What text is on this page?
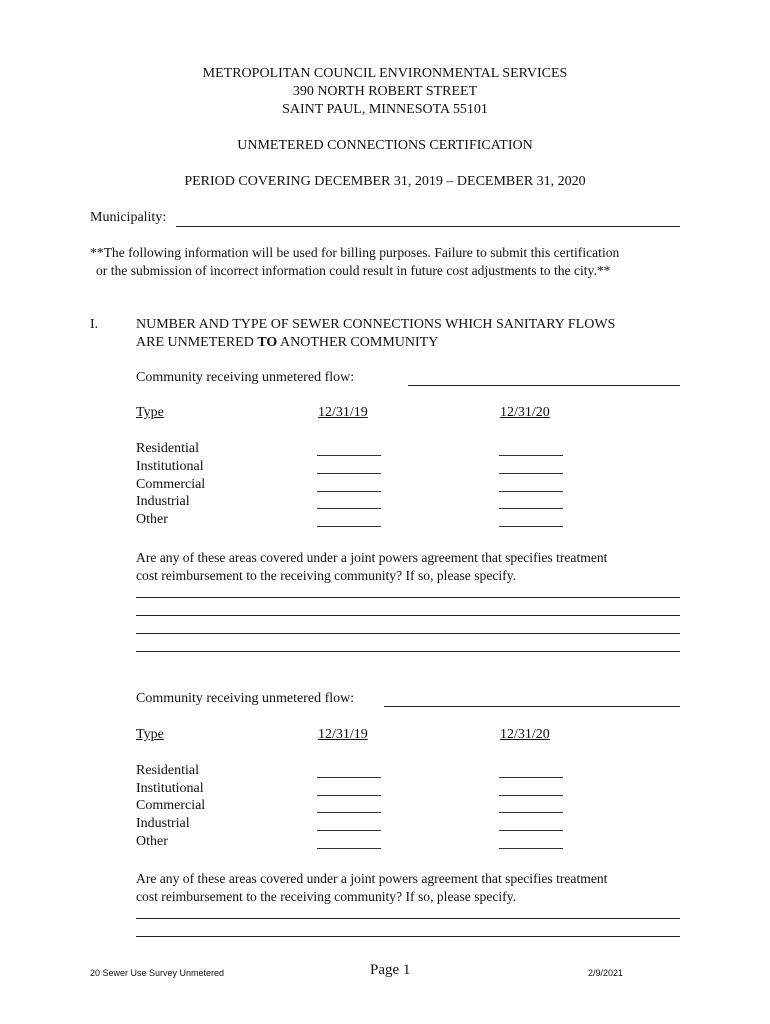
METROPOLITAN COUNCIL ENVIRONMENTAL SERVICES
390 NORTH ROBERT STREET
SAINT PAUL, MINNESOTA 55101
UNMETERED CONNECTIONS CERTIFICATION
PERIOD COVERING DECEMBER 31, 2019 – DECEMBER 31, 2020
Municipality:
**The following information will be used for billing purposes. Failure to submit this certification
or the submission of incorrect information could result in future cost adjustments to the city.**
I.	NUMBER AND TYPE OF SEWER CONNECTIONS WHICH SANITARY FLOWS
ARE UNMETERED TO ANOTHER COMMUNITY
Community receiving unmetered flow:
Type	12/31/19	12/31/20
Residential
Institutional
Commercial
Industrial
Other
Are any of these areas covered under a joint powers agreement that specifies treatment
cost reimbursement to the receiving community? If so, please specify.
Community receiving unmetered flow:
Type	12/31/19	12/31/20
Residential
Institutional
Commercial
Industrial
Other
Are any of these areas covered under a joint powers agreement that specifies treatment
cost reimbursement to the receiving community? If so, please specify.
20 Sewer Use Survey Unmetered	Page 1	2/9/2021
